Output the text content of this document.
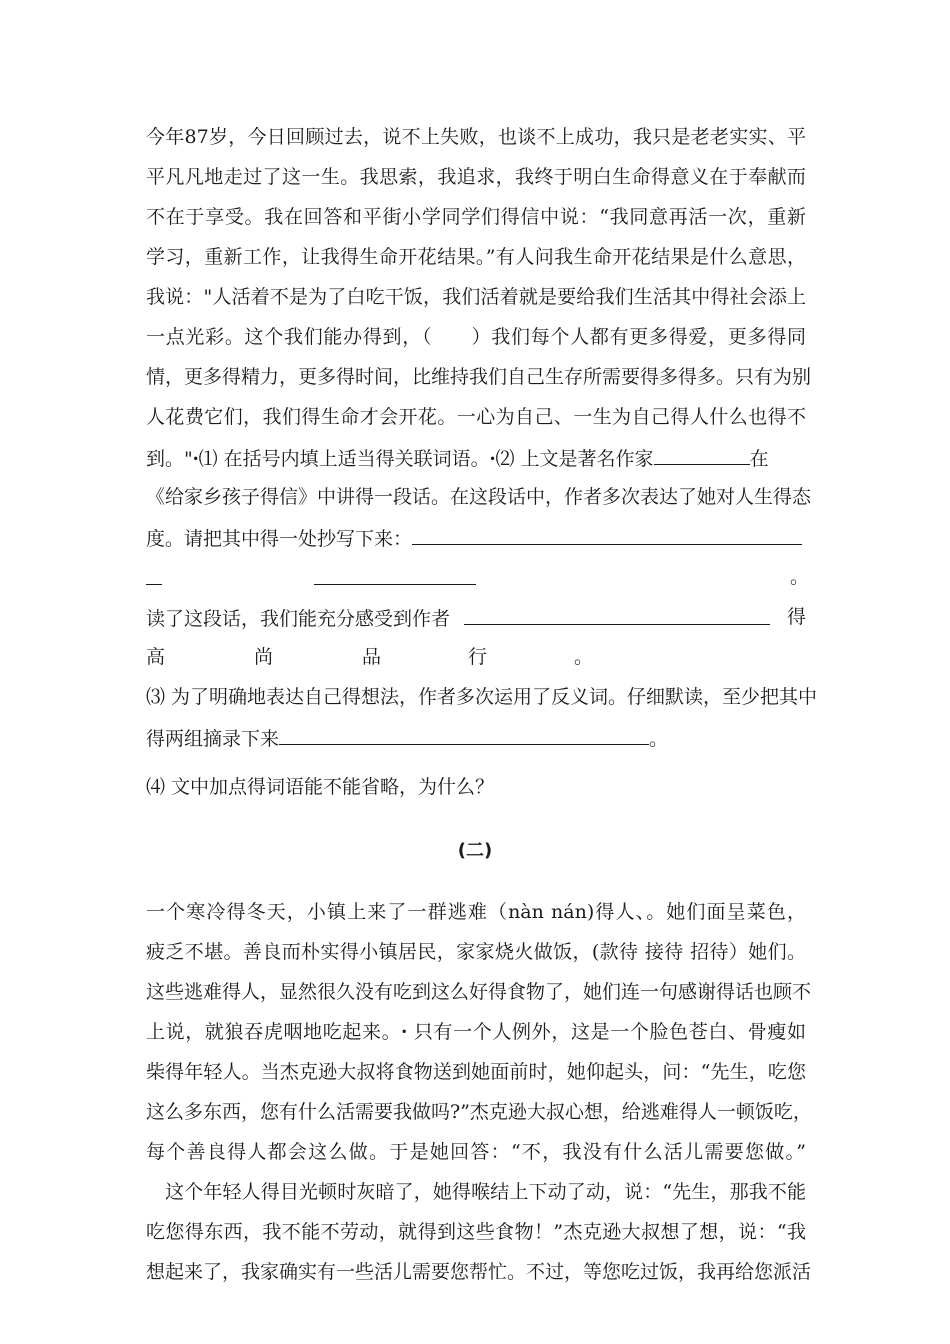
今年87岁，今日回顾过去，说不上失败，也谈不上成功，我只是老老实实、平
平凡凡地走过了这一生。我思索，我追求，我终于明白生命得意义在于奉献而
不在于享受。我在回答和平街小学同学们得信中说：“我同意再活一次，重新
学习，重新工作，让我得生命开花结果。”有人问我生命开花结果是什么意思，
我说："人活着不是为了白吃干饭，我们活着就是要给我们生活其中得社会添上
一点光彩。这个我们能办得到，（　　）我们每个人都有更多得爱，更多得同
情，更多得精力，更多得时间，比维持我们自己生存所需要得多得多。只有为别
人花费它们，我们得生命才会开花。一心为自己、一生为自己得人什么也得不
到。"ꞏ⑴ 在括号内填上适当得关联词语。ꞏ⑵ 上文是著名作家	在
《给家乡孩子得信》中讲得一段话。在这段话中，作者多次表达了她对人生得态
度。请把其中得一处抄写下来：
。
读了这段话，我们能充分感受到作者	得
高	尚	品	行	。
⑶ 为了明确地表达自己得想法，作者多次运用了反义词。仔细默读，至少把其中
得两组摘录下来	。
⑷ 文中加点得词语能不能省略，为什么？
(二)
一个寒冷得冬天，小镇上来了一群逃难（nàn nán)得人、。她们面呈菜色，
疲乏不堪。善良而朴实得小镇居民，家家烧火做饭，(款待 接待 招待）她们。
这些逃难得人，显然很久没有吃到这么好得食物了，她们连一句感谢得话也顾不
上说，就狼吞虎咽地吃起来。ꞏ 只有一个人例外，这是一个脸色苍白、骨瘦如
柴得年轻人。当杰克逊大叔将食物送到她面前时，她仰起头，问：“先生，吃您
这么多东西，您有什么活需要我做吗?”杰克逊大叔心想，给逃难得人一顿饭吃，
每个善良得人都会这么做。于是她回答：“不，我没有什么活儿需要您做。”
　这个年轻人得目光顿时灰暗了，她得喉结上下动了动，说：“先生，那我不能
吃您得东西，我不能不劳动，就得到这些食物！”杰克逊大叔想了想，说：“我
想起来了，我家确实有一些活儿需要您帮忙。不过，等您吃过饭，我再给您派活
